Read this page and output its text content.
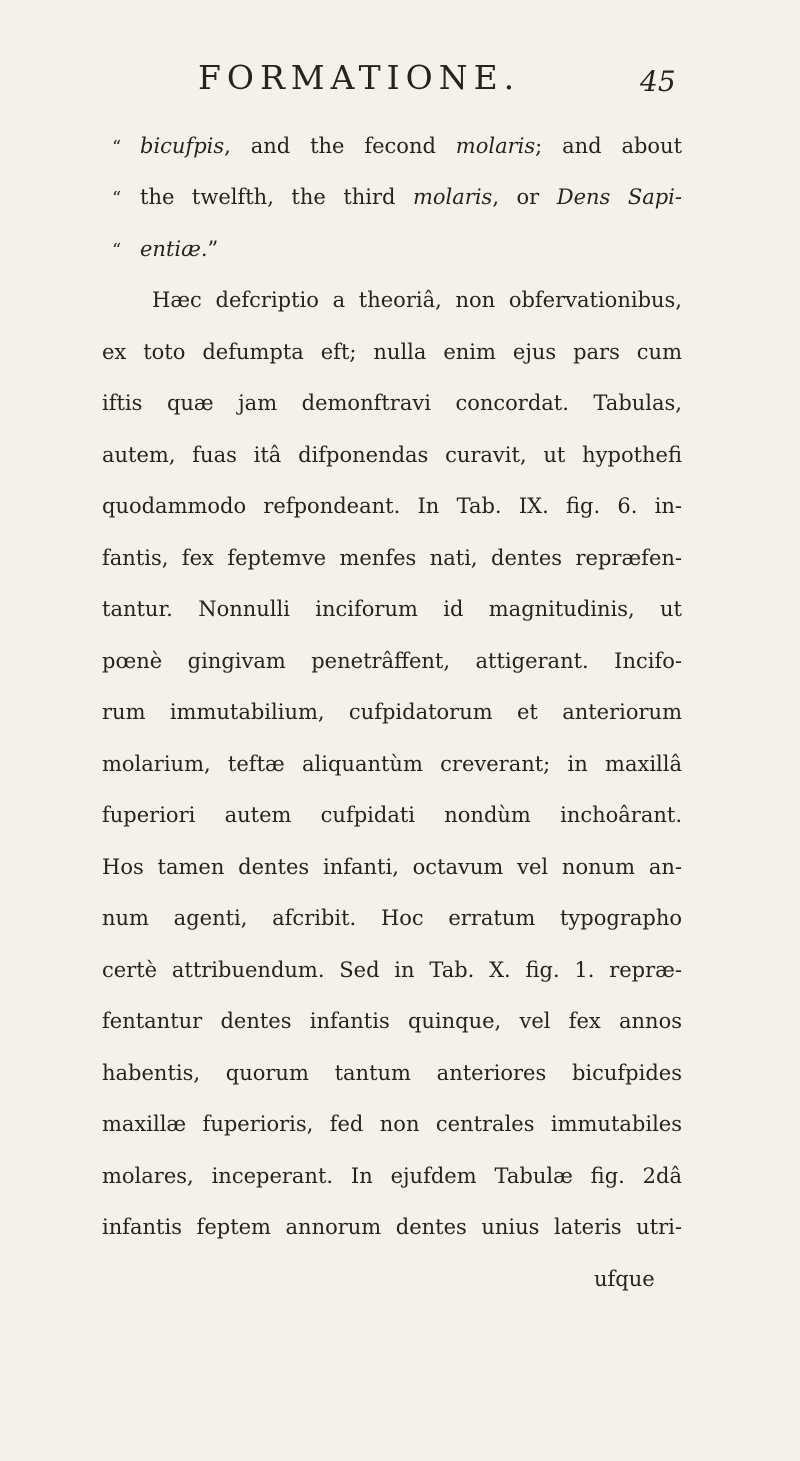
FORMATIONE.	45
“ bicufpis, and the fecond molaris; and about
“ the twelfth, the third molaris, or Dens Sapi-
“ entiæ.”
Hæc defcriptio a theoriâ, non obfervationibus,
ex toto defumpta eft; nulla enim ejus pars cum
iftis quæ jam demonftravi concordat. Tabulas,
autem, fuas itâ difponendas curavit, ut hypothefi
quodammodo refpondeant. In Tab. IX. fig. 6. in-
fantis, fex feptemve menfes nati, dentes repræfen-
tantur. Nonnulli inciforum id magnitudinis, ut
pœnè gingivam penetrâffent, attigerant. Incifo-
rum immutabilium, cufpidatorum et anteriorum
molarium, teftæ aliquantùm creverant; in maxillâ
fuperiori autem cufpidati nondùm inchoârant.
Hos tamen dentes infanti, octavum vel nonum an-
num agenti, afcribit. Hoc erratum typographo
certè attribuendum. Sed in Tab. X. fig. 1. repræ-
fentantur dentes infantis quinque, vel fex annos
habentis, quorum tantum anteriores bicufpides
maxillæ fuperioris, fed non centrales immutabiles
molares, inceperant. In ejufdem Tabulæ fig. 2dâ
infantis feptem annorum dentes unius lateris utri-
ufque
